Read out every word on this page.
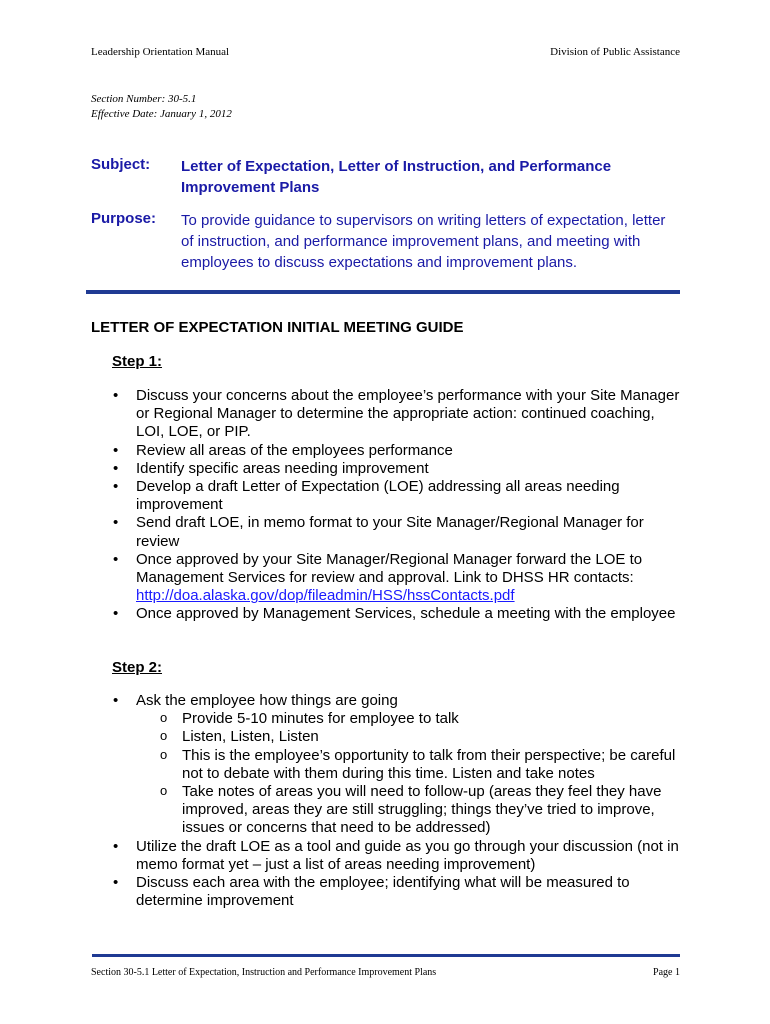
Leadership Orientation Manual	Division of Public Assistance
Section Number: 30-5.1
Effective Date: January 1, 2012
Subject: Letter of Expectation, Letter of Instruction, and Performance Improvement Plans
Purpose: To provide guidance to supervisors on writing letters of expectation, letter of instruction, and performance improvement plans, and meeting with employees to discuss expectations and improvement plans.
LETTER OF EXPECTATION INITIAL MEETING GUIDE
Step 1:
• Discuss your concerns about the employee’s performance with your Site Manager or Regional Manager to determine the appropriate action: continued coaching, LOI, LOE, or PIP.
• Review all areas of the employees performance
• Identify specific areas needing improvement
• Develop a draft Letter of Expectation (LOE) addressing all areas needing improvement
• Send draft LOE, in memo format to your Site Manager/Regional Manager for review
• Once approved by your Site Manager/Regional Manager forward the LOE to Management Services for review and approval. Link to DHSS HR contacts:
http://doa.alaska.gov/dop/fileadmin/HSS/hssContacts.pdf
• Once approved by Management Services, schedule a meeting with the employee
Step 2:
• Ask the employee how things are going
o Provide 5-10 minutes for employee to talk
o Listen, Listen, Listen
o This is the employee’s opportunity to talk from their perspective; be careful not to debate with them during this time. Listen and take notes
o Take notes of areas you will need to follow-up (areas they feel they have improved, areas they are still struggling; things they’ve tried to improve, issues or concerns that need to be addressed)
• Utilize the draft LOE as a tool and guide as you go through your discussion (not in memo format yet – just a list of areas needing improvement)
• Discuss each area with the employee; identifying what will be measured to determine improvement
Section 30-5.1 Letter of Expectation, Instruction and Performance Improvement Plans	Page 1
